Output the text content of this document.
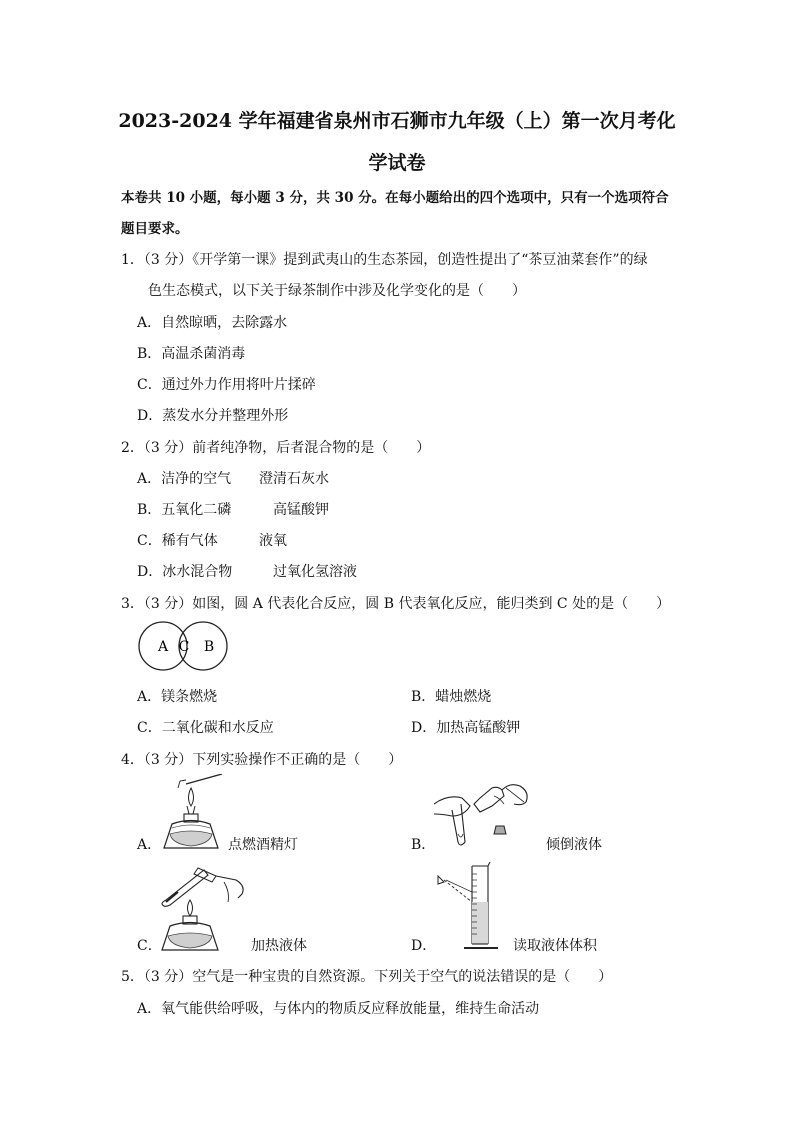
2023-2024 学年福建省泉州市石狮市九年级（上）第一次月考化
学试卷
本卷共 10 小题，每小题 3 分，共 30 分。在每小题给出的四个选项中，只有一个选项符合
题目要求。
1．（3 分）《开学第一课》提到武夷山的生态茶园，创造性提出了“茶豆油菜套作”的绿
色生态模式，以下关于绿茶制作中涉及化学变化的是（　　）
A．自然晾晒，去除露水
B．高温杀菌消毒
C．通过外力作用将叶片揉碎
D．蒸发水分并整理外形
2．（3 分）前者纯净物，后者混合物的是（　　）
A．洁净的空气 澄清石灰水
B．五氧化二磷	高锰酸钾
C．稀有气体	液氧
D．冰水混合物	过氧化氢溶液
3．（3 分）如图，圆 A 代表化合反应，圆 B 代表氧化反应，能归类到 C 处的是（　　）
A C B
A．镁条燃烧	B．蜡烛燃烧
C．二氧化碳和水反应	D．加热高锰酸钾
4．（3 分）下列实验操作不正确的是（　　）
A．	点燃酒精灯	B．	倾倒液体
C．	加热液体	D．	读取液体体积
5．（3 分）空气是一种宝贵的自然资源。下列关于空气的说法错误的是（　　）
A．氧气能供给呼吸，与体内的物质反应释放能量，维持生命活动
